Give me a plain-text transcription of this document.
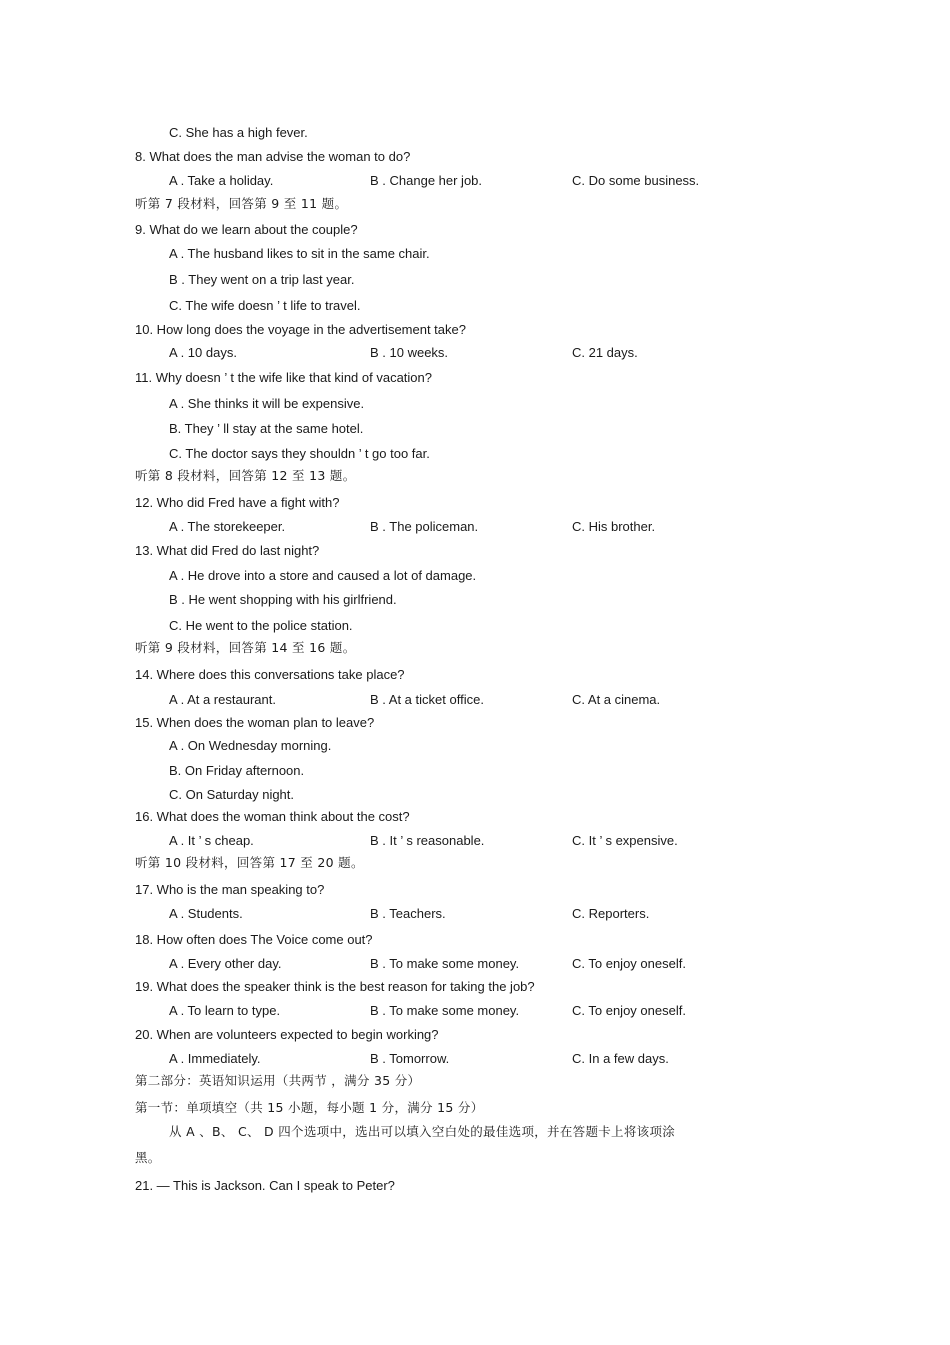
C. She has a high fever.
8. What does the man advise the woman to do?
A . Take a holiday.	B . Change her job.	C. Do some business.
听第 7 段材料，回答第 9 至 11 题。
9. What do we learn about the couple?
A . The husband likes to sit in the same chair.
B . They went on a trip last year.
C. The wife doesn ’ t life to travel.
10. How long does the voyage in the advertisement take?
A . 10 days.	B . 10 weeks.	C. 21 days.
11. Why doesn ’ t the wife like that kind of vacation?
A . She thinks it will be expensive.
B. They ’ ll stay at the same hotel.
C. The doctor says they shouldn ’ t go too far.
听第 8 段材料，回答第 12 至 13 题。
12. Who did Fred have a fight with?
A . The storekeeper.	B . The policeman.	C. His brother.
13. What did Fred do last night?
A . He drove into a store and caused a lot of damage.
B . He went shopping with his girlfriend.
C. He went to the police station.
听第 9 段材料，回答第 14 至 16 题。
14. Where does this conversations take place?
A . At a restaurant.	B . At a ticket office.	C. At a cinema.
15. When does the woman plan to leave?
A . On Wednesday morning.
B. On Friday afternoon.
C. On Saturday night.
16. What does the woman think about the cost?
A . It ’ s cheap.	B . It ’ s reasonable.	C. It ’ s expensive.
听第 10 段材料，回答第 17 至 20 题。
17. Who is the man speaking to?
A . Students.	B . Teachers.	C. Reporters.
18. How often does The Voice come out?
A . Every other day.	B . To make some money.	C. To enjoy oneself.
19. What does the speaker think is the best reason for taking the job?
A . To learn to type.	B . To make some money.	C. To enjoy oneself.
20. When are volunteers expected to begin working?
A . Immediately.	B . Tomorrow.	C. In a few days.
第二部分：英语知识运用（共两节 ，满分 35 分）
第一节：单项填空（共 15 小题，每小题 1 分，满分 15 分）
从 A 、B、 C、 D 四个选项中，选出可以填入空白处的最佳选项，并在答题卡上将该项涂
黑。
21. — This is Jackson. Can I speak to Peter?
